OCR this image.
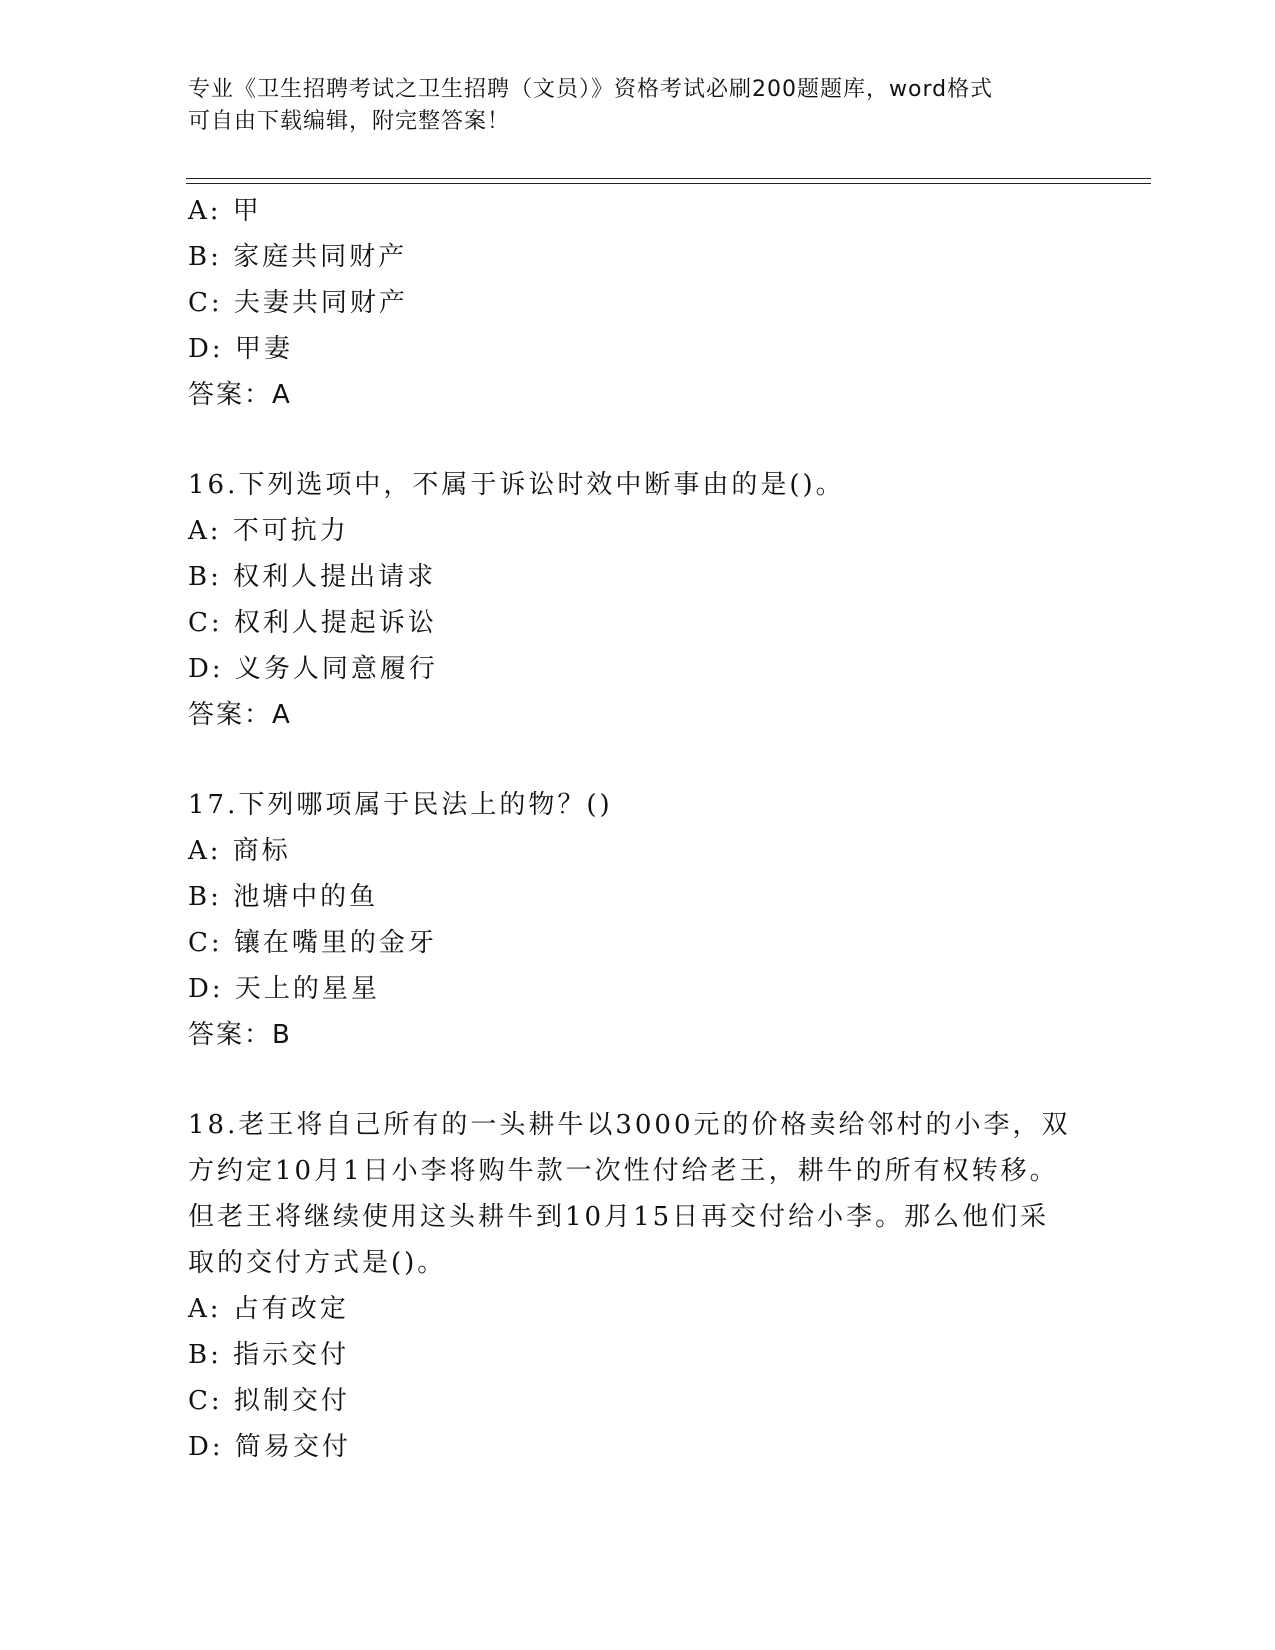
专业《卫生招聘考试之卫生招聘（文员）》资格考试必刷200题题库，word格式
可自由下载编辑，附完整答案！
A: 甲
B: 家庭共同财产
C: 夫妻共同财产
D: 甲妻
答案：A
16.下列选项中，不属于诉讼时效中断事由的是()。
A: 不可抗力
B: 权利人提出请求
C: 权利人提起诉讼
D: 义务人同意履行
答案：A
17.下列哪项属于民法上的物？()
A: 商标
B: 池塘中的鱼
C: 镶在嘴里的金牙
D: 天上的星星
答案：B
18.老王将自己所有的一头耕牛以3000元的价格卖给邻村的小李，双
方约定10月1日小李将购牛款一次性付给老王，耕牛的所有权转移。
但老王将继续使用这头耕牛到10月15日再交付给小李。那么他们采
取的交付方式是()。
A: 占有改定
B: 指示交付
C: 拟制交付
D: 简易交付
